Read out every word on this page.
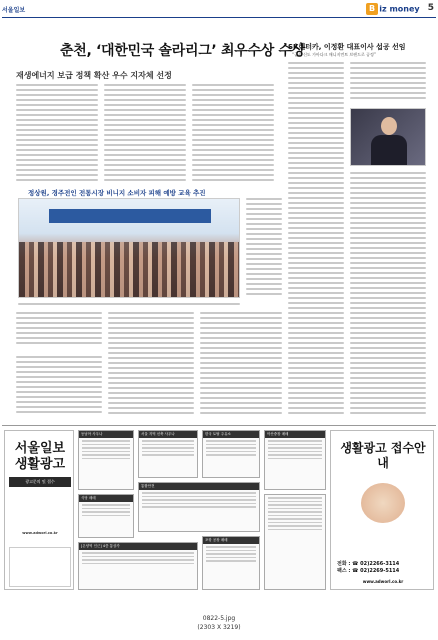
서울일보	B iz money 5
춘천, ‘대한민국 솔라리그’ 최우수상 수상
재생에너지 보급 정책 확산 우수 지자체 선정
SK렌터카, 이정환 대표이사 섭공 선임
“급속 신도 가아다크 매니지먼트 브랜드로 공정”
정상원, 경주전인 전통시장 비니지 소비자 피해 예방 교육 추진
서울일보 생활광고
광고문의 및 접수
www.adworl.co.kr
동남아 사우나	서울 지역 신축 사우나	한국 토탈 주유소	아산중장 매매
통합안전
식당 매매
[온양역 인근] 4층 통상가
포항 공장 매매
생활광고 접수안내
전화 : ☎ 02)2266-3114
팩스 : ☎ 02)2269-5114
www.adworl.co.kr
0822-5.jpg
(2303 X 3219)
